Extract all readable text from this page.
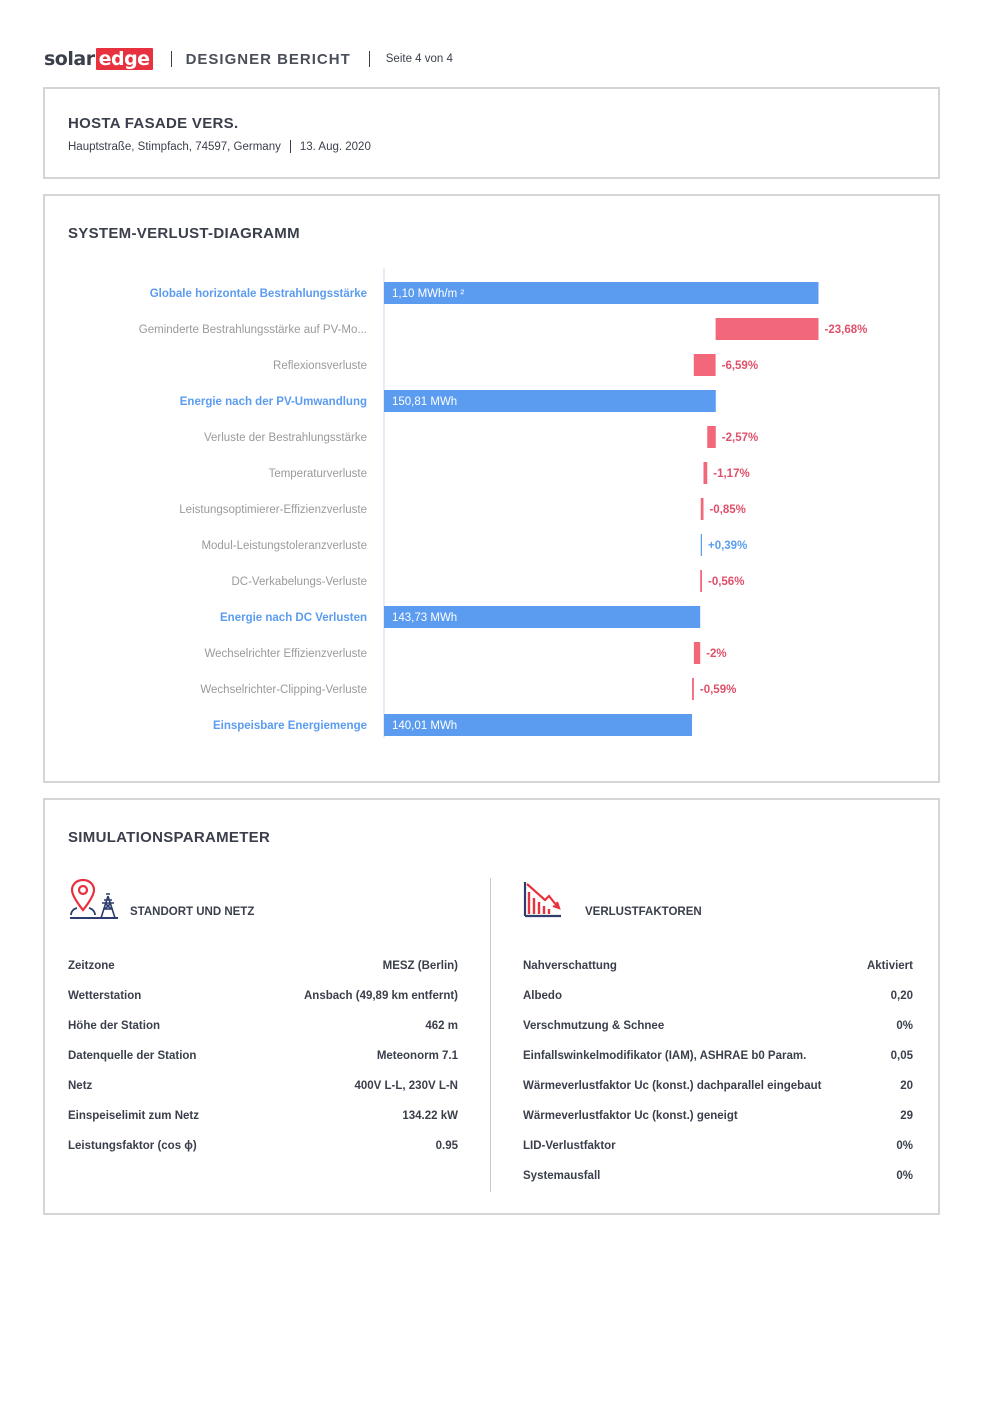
solar edge DESIGNER BERICHT	Seite 4 von 4
HOSTA FASADE VERS.
Hauptstraße, Stimpfach, 74597, Germany 13. Aug. 2020
SYSTEM-VERLUST-DIAGRAMM
Globale horizontale Bestrahlungsstärke 1,10 MWh/m ²
Geminderte Bestrahlungsstärke auf PV-Mo...	-23,68%
Reflexionsverluste	-6,59%
Energie nach der PV-Umwandlung 150,81 MWh
Verluste der Bestrahlungsstärke	-2,57%
Temperaturverluste	-1,17%
Leistungsoptimierer-Effizienzverluste	-0,85%
Modul-Leistungstoleranzverluste	+0,39%
DC-Verkabelungs-Verluste	-0,56%
Energie nach DC Verlusten 143,73 MWh
Wechselrichter Effizienzverluste	-2%
Wechselrichter-Clipping-Verluste	-0,59%
Einspeisbare Energiemenge 140,01 MWh
SIMULATIONSPARAMETER
STANDORT UND NETZ
Zeitzone	MESZ (Berlin)
Wetterstation	Ansbach (49,89 km entfernt)
Höhe der Station	462 m
Datenquelle der Station	Meteonorm 7.1
Netz	400V L-L, 230V L-N
Einspeiselimit zum Netz	134.22 kW
Leistungsfaktor (cos ϕ)	0.95
VERLUSTFAKTOREN
Nahverschattung	Aktiviert
Albedo	0,20
Verschmutzung & Schnee	0%
Einfallswinkelmodifikator (IAM), ASHRAE b0 Param.	0,05
Wärmeverlustfaktor Uc (konst.) dachparallel eingebaut	20
Wärmeverlustfaktor Uc (konst.) geneigt	29
LID-Verlustfaktor	0%
Systemausfall	0%
